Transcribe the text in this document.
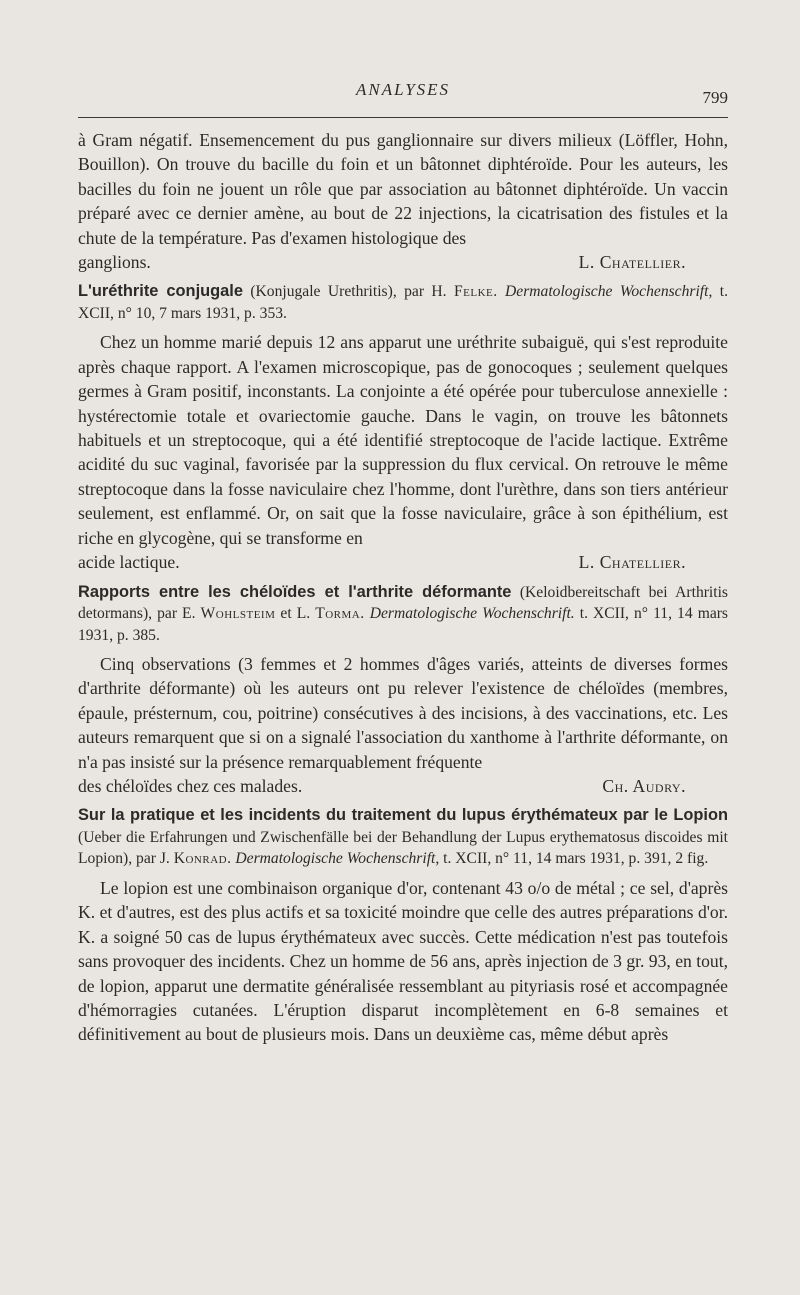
ANALYSES	799

à Gram négatif. Ensemencement du pus ganglionnaire sur divers milieux (Löffler, Hohn, Bouillon). On trouve du bacille du foin et un bâtonnet diphtéroïde. Pour les auteurs, les bacilles du foin ne jouent un rôle que par association au bâtonnet diphtéroïde. Un vaccin préparé avec ce dernier amène, au bout de 22 injections, la cicatrisation des fistules et la chute de la température. Pas d'examen histologique des

ganglions.	L. Chatellier.
L'uréthrite conjugale (Konjugale Urethritis), par H. Felke. Dermatologische Wochenschrift, t. XCII, n° 10, 7 mars 1931, p. 353.

Chez un homme marié depuis 12 ans apparut une uréthrite subaiguë, qui s'est reproduite après chaque rapport. A l'examen microscopique, pas de gonocoques ; seulement quelques germes à Gram positif, inconstants. La conjointe a été opérée pour tuberculose annexielle : hystérectomie totale et ovariectomie gauche. Dans le vagin, on trouve les bâtonnets habituels et un streptocoque, qui a été identifié streptocoque de l'acide lactique. Extrême acidité du suc vaginal, favorisée par la suppression du flux cervical. On retrouve le même streptocoque dans la fosse naviculaire chez l'homme, dont l'urèthre, dans son tiers antérieur seulement, est enflammé. Or, on sait que la fosse naviculaire, grâce à son épithélium, est riche en glycogène, qui se transforme en

acide lactique.	L. Chatellier.
Rapports entre les chéloïdes et l'arthrite déformante (Keloidbereitschaft bei Arthritis detormans), par E. Wohlsteim et L. Torma. Dermatologische Wochenschrift. t. XCII, n° 11, 14 mars 1931, p. 385.

Cinq observations (3 femmes et 2 hommes d'âges variés, atteints de diverses formes d'arthrite déformante) où les auteurs ont pu relever l'existence de chéloïdes (membres, épaule, présternum, cou, poitrine) consécutives à des incisions, à des vaccinations, etc. Les auteurs remarquent que si on a signalé l'association du xanthome à l'arthrite déformante, on n'a pas insisté sur la présence remarquablement fréquente

des chéloïdes chez ces malades.	Ch. Audry.
Sur la pratique et les incidents du traitement du lupus érythémateux par le Lopion (Ueber die Erfahrungen und Zwischenfälle bei der Behandlung der Lupus erythematosus discoides mit Lopion), par J. Konrad. Dermatologische Wochenschrift, t. XCII, n° 11, 14 mars 1931, p. 391, 2 fig.

Le lopion est une combinaison organique d'or, contenant 43 o/o de métal ; ce sel, d'après K. et d'autres, est des plus actifs et sa toxicité moindre que celle des autres préparations d'or. K. a soigné 50 cas de lupus érythémateux avec succès. Cette médication n'est pas toutefois sans provoquer des incidents. Chez un homme de 56 ans, après injection de 3 gr. 93, en tout, de lopion, apparut une dermatite généralisée ressemblant au pityriasis rosé et accompagnée d'hémorragies cutanées. L'éruption disparut incomplètement en 6-8 semaines et définitivement au bout de plusieurs mois. Dans un deuxième cas, même début après
